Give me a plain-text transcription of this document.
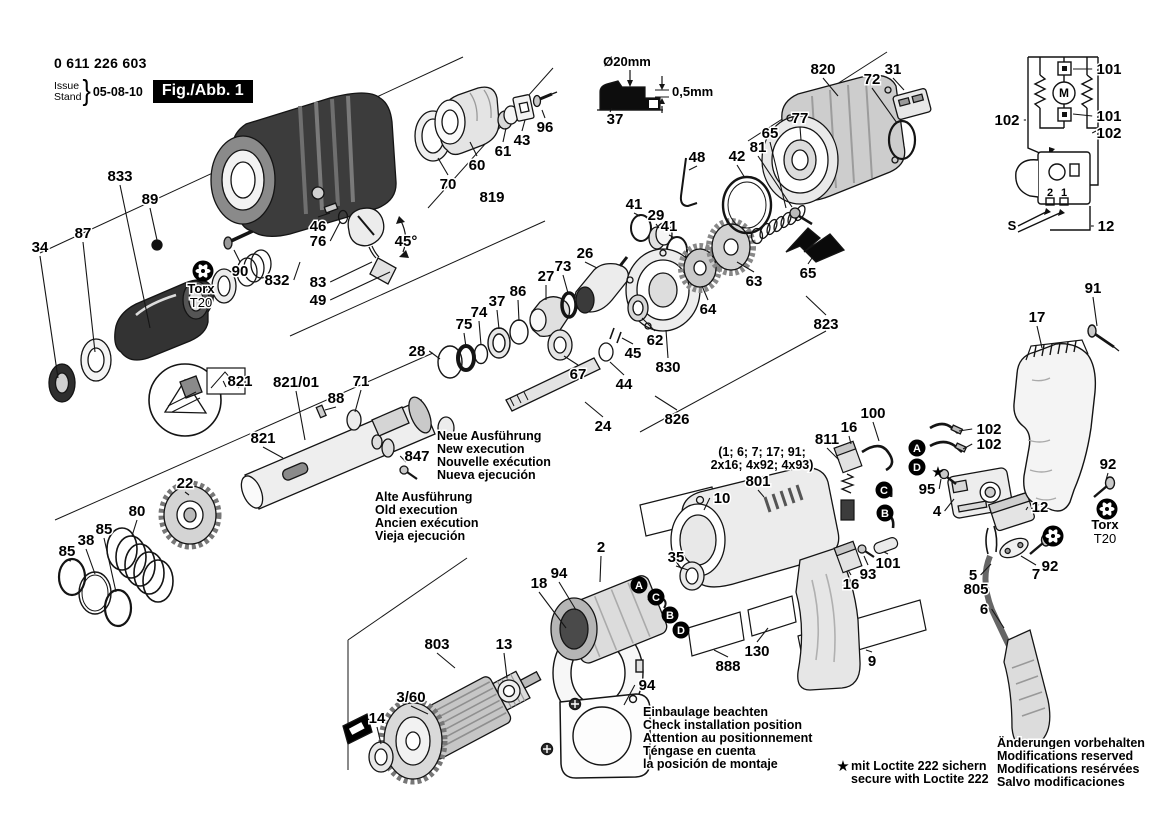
0 611 226 603
Issue
Stand } 05-08-10	Fig./Abb. 1
Ø20mm
0,5mm
37
M
2 1
S
833
89
87
34
90
832
46
76
83
49
45°
70
60
61
43
96
819
75
74
37
86
28
27
73
26
41
29
41
48 42
81
65
77
820
72
31
65
63
64
823
62
830
45
44
67
24	826
821 821/01
88
71
821
22
80
85
38
85
847
14
3/60
803	13
18
94
2
94
35
10
130
888	9
801
811
16
100
101
93
16
102
102
95
4	12
5
805
7 92
6
17
91
92
101
102	101
102
12
A
C
B
D
A
D
C
B
Torx
T20
Torx
T20
★
★
Neue Ausführung
New execution
Nouvelle exécution
Nueva ejecución
Alte Ausführung
Old execution
Ancien exécution
Vieja ejecución
Einbaulage beachten
Check installation position
Attention au positionnement
Téngase en cuenta
la posición de montaje
(1; 6; 7; 17; 91;
2x16; 4x92; 4x93)
mit Loctite 222 sichern
secure with Loctite 222
Änderungen vorbehalten
Modifications reserved
Modifications resérvées
Salvo modificaciones
